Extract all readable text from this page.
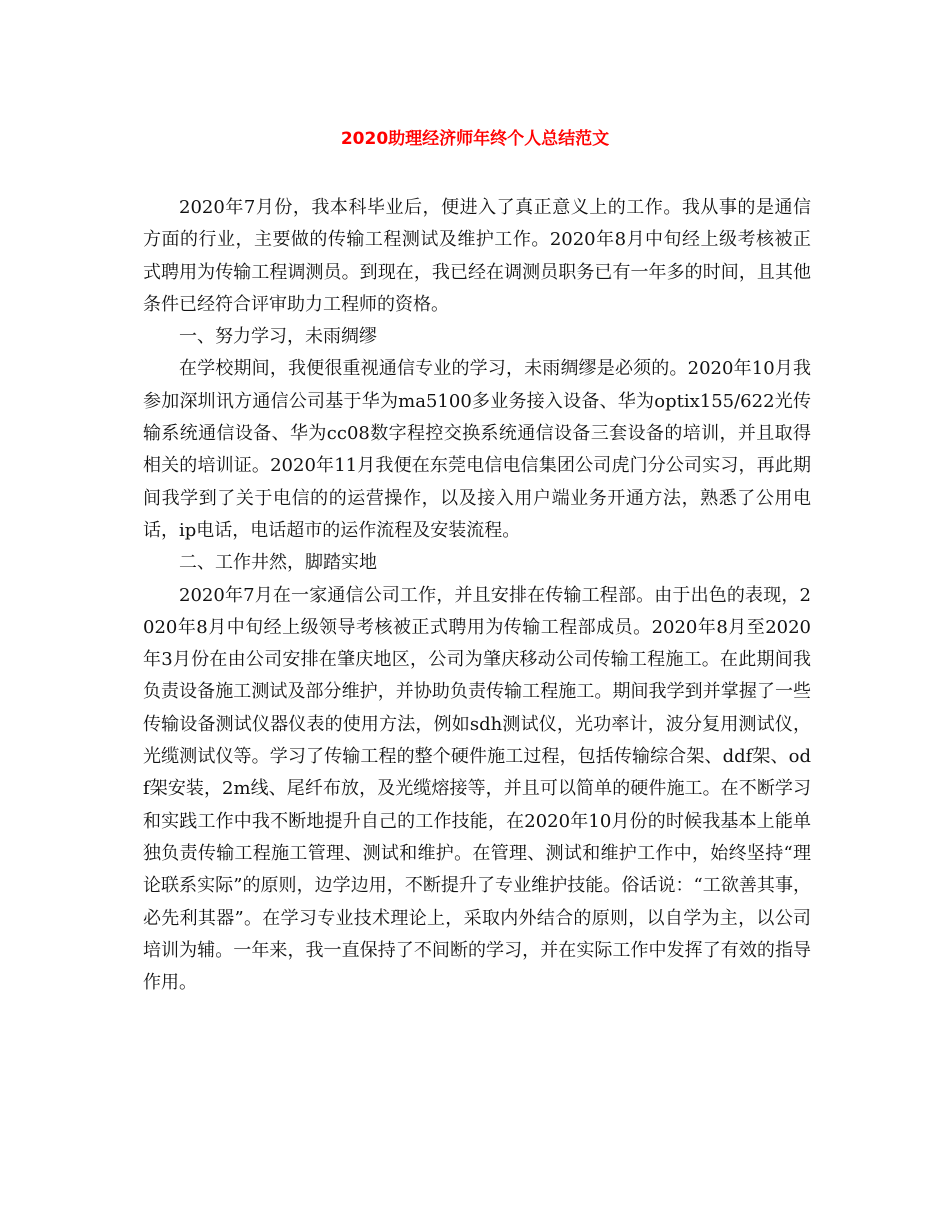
2020助理经济师年终个人总结范文

2020年7月份，我本科毕业后，便进入了真正意义上的工作。我从事的是通信方面的行业，主要做的传输工程测试及维护工作。2020年8月中旬经上级考核被正式聘用为传输工程调测员。到现在，我已经在调测员职务已有一年多的时间，且其他条件已经符合评审助力工程师的资格。

一、努力学习，未雨绸缪

在学校期间，我便很重视通信专业的学习，未雨绸缪是必须的。2020年10月我参加深圳讯方通信公司基于华为ma5100多业务接入设备、华为optix155/622光传输系统通信设备、华为cc08数字程控交换系统通信设备三套设备的培训，并且取得相关的培训证。2020年11月我便在东莞电信电信集团公司虎门分公司实习，再此期间我学到了关于电信的的运营操作，以及接入用户端业务开通方法，熟悉了公用电话，ip电话，电话超市的运作流程及安装流程。

二、工作井然，脚踏实地

2020年7月在一家通信公司工作，并且安排在传输工程部。由于出色的表现，2020年8月中旬经上级领导考核被正式聘用为传输工程部成员。2020年8月至2020年3月份在由公司安排在肇庆地区，公司为肇庆移动公司传输工程施工。在此期间我负责设备施工测试及部分维护，并协助负责传输工程施工。期间我学到并掌握了一些传输设备测试仪器仪表的使用方法，例如sdh测试仪，光功率计，波分复用测试仪，光缆测试仪等。学习了传输工程的整个硬件施工过程，包括传输综合架、ddf架、odf架安装，2m线、尾纤布放，及光缆熔接等，并且可以简单的硬件施工。在不断学习和实践工作中我不断地提升自己的工作技能，在2020年10月份的时候我基本上能单独负责传输工程施工管理、测试和维护。在管理、测试和维护工作中，始终坚持“理论联系实际”的原则，边学边用，不断提升了专业维护技能。俗话说：“工欲善其事，必先利其器”。在学习专业技术理论上，采取内外结合的原则，以自学为主，以公司培训为辅。一年来，我一直保持了不间断的学习，并在实际工作中发挥了有效的指导作用。
